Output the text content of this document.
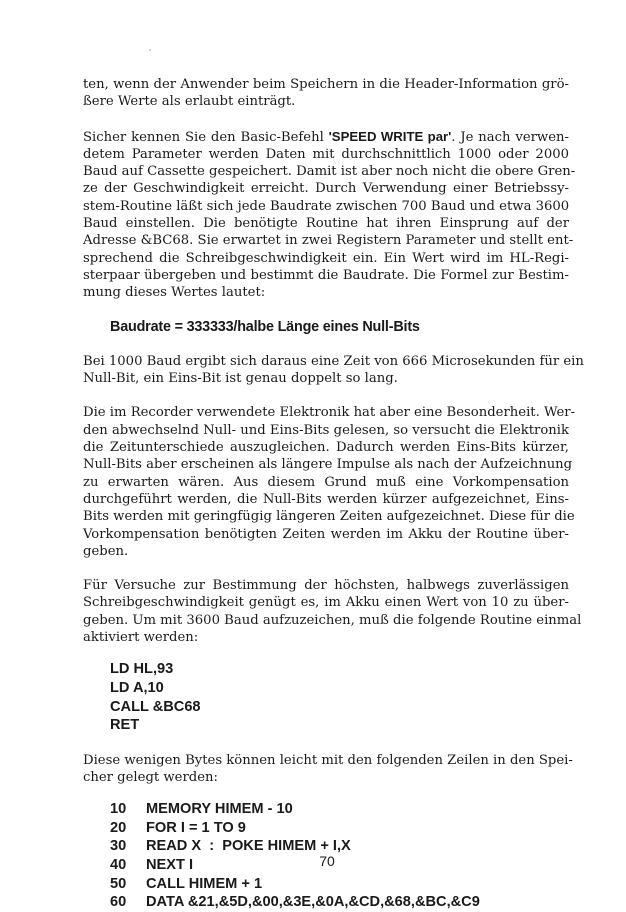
ten, wenn der Anwender beim Speichern in die Header-Information grö-
ßere Werte als erlaubt einträgt.

Sicher kennen Sie den Basic-Befehl 'SPEED WRITE par'. Je nach verwen-
detem Parameter werden Daten mit durchschnittlich 1000 oder 2000
Baud auf Cassette gespeichert. Damit ist aber noch nicht die obere Gren-
ze der Geschwindigkeit erreicht. Durch Verwendung einer Betriebssy-
stem-Routine läßt sich jede Baudrate zwischen 700 Baud und etwa 3600
Baud einstellen. Die benötigte Routine hat ihren Einsprung auf der
Adresse &BC68. Sie erwartet in zwei Registern Parameter und stellt ent-
sprechend die Schreibgeschwindigkeit ein. Ein Wert wird im HL-Regi-
sterpaar übergeben und bestimmt die Baudrate. Die Formel zur Bestim-
mung dieses Wertes lautet:

Baudrate = 333333/halbe Länge eines Null-Bits

Bei 1000 Baud ergibt sich daraus eine Zeit von 666 Microsekunden für ein
Null-Bit, ein Eins-Bit ist genau doppelt so lang.

Die im Recorder verwendete Elektronik hat aber eine Besonderheit. Wer-
den abwechselnd Null- und Eins-Bits gelesen, so versucht die Elektronik
die Zeitunterschiede auszugleichen. Dadurch werden Eins-Bits kürzer,
Null-Bits aber erscheinen als längere Impulse als nach der Aufzeichnung
zu erwarten wären. Aus diesem Grund muß eine Vorkompensation
durchgeführt werden, die Null-Bits werden kürzer aufgezeichnet, Eins-
Bits werden mit geringfügig längeren Zeiten aufgezeichnet. Diese für die
Vorkompensation benötigten Zeiten werden im Akku der Routine über-
geben.

Für Versuche zur Bestimmung der höchsten, halbwegs zuverlässigen
Schreibgeschwindigkeit genügt es, im Akku einen Wert von 10 zu über-
geben. Um mit 3600 Baud aufzuzeichen, muß die folgende Routine einmal
aktiviert werden:

LD HL,93
LD A,10
CALL &BC68
RET

Diese wenigen Bytes können leicht mit den folgenden Zeilen in den Spei-
cher gelegt werden:

10	MEMORY HIMEM - 10
20	FOR I = 1 TO 9
30	READ X  :  POKE HIMEM + I,X
40	NEXT I
50	CALL HIMEM + 1
60	DATA &21,&5D,&00,&3E,&0A,&CD,&68,&BC,&C9
70
